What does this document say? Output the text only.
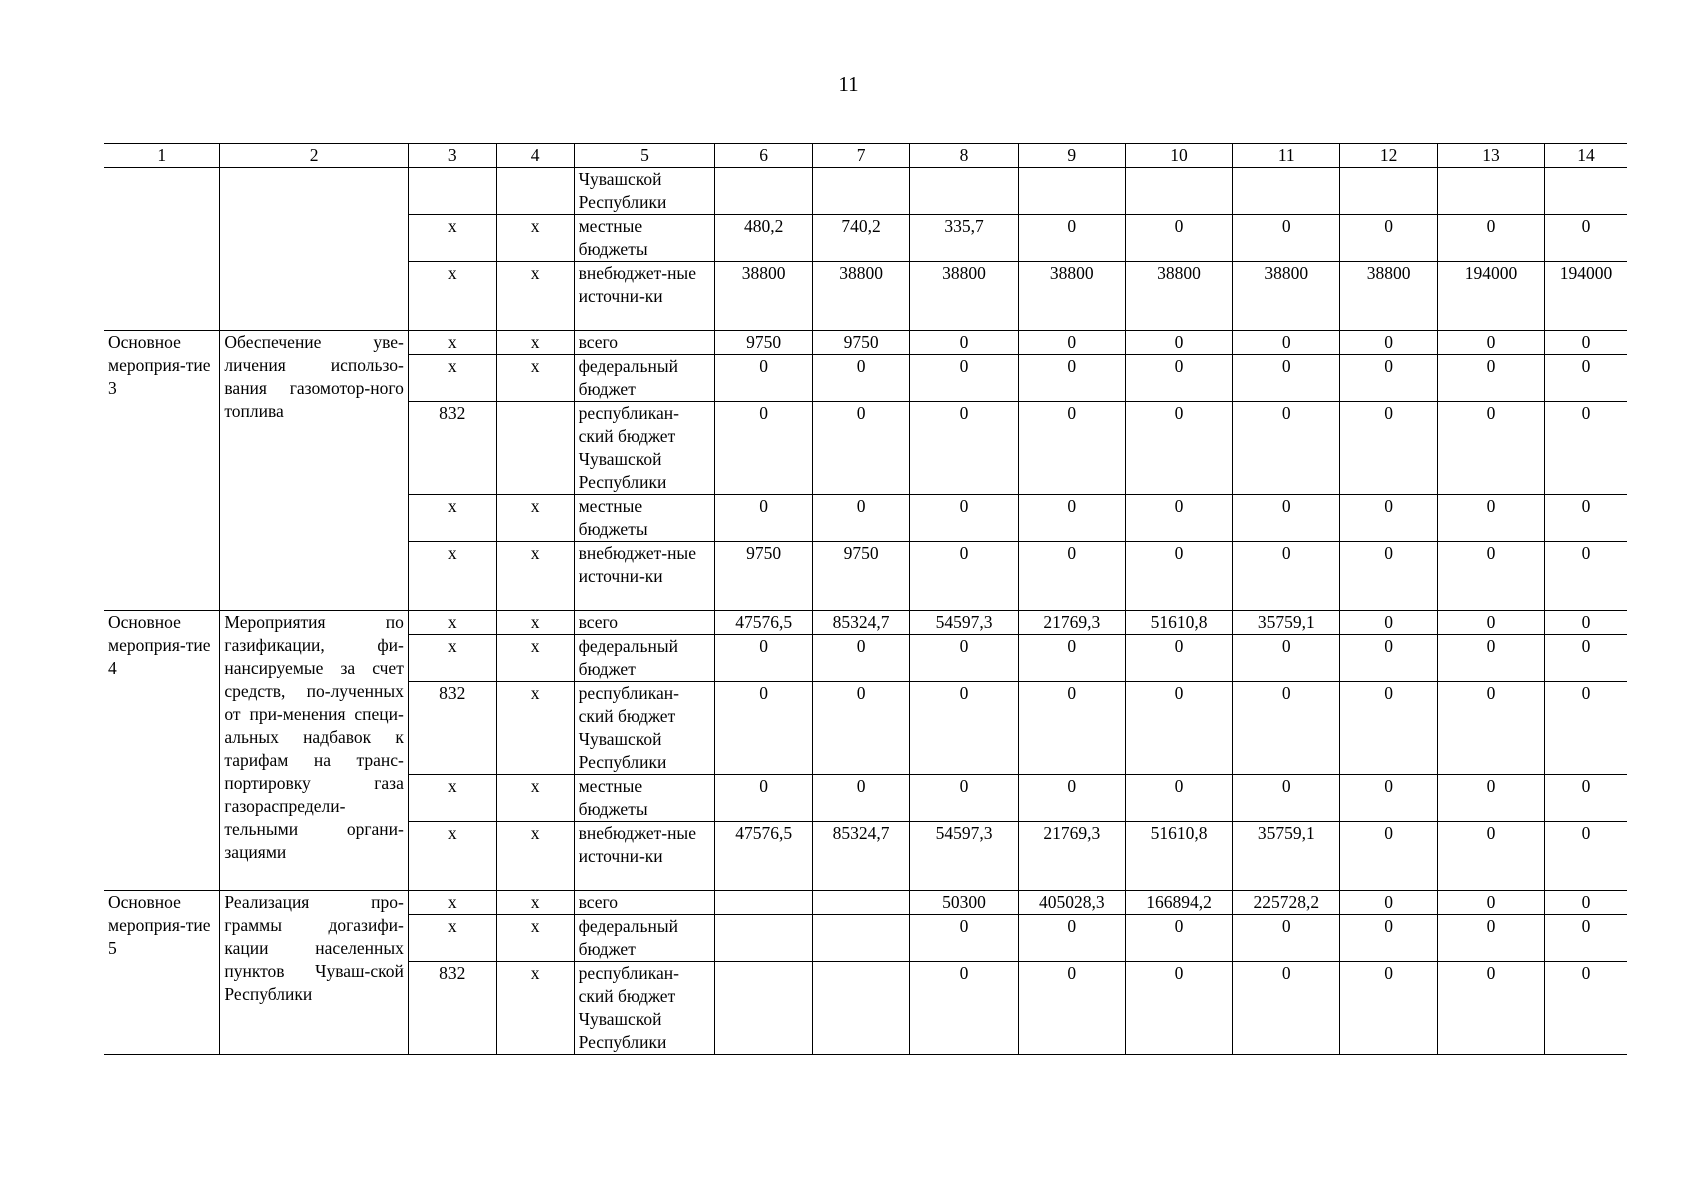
11
1	2	3	4	5	6	7	8	9	10	11	12	13	14
				Чувашской Республики									
		х	х	местные бюджеты	480,2	740,2	335,7	0	0	0	0	0	0
		х	х	внебюджет-ные источни-ки	38800	38800	38800	38800	38800	38800	38800	194000	194000
Основное мероприя-тие 3	Обеспечение уве-личения использо-вания газомотор-ного топлива	х	х	всего	9750	9750	0	0	0	0	0	0	0
		х	х	федеральный бюджет	0	0	0	0	0	0	0	0	0
		832		республикан-ский бюджет Чувашской Республики	0	0	0	0	0	0	0	0	0
		х	х	местные бюджеты	0	0	0	0	0	0	0	0	0
		х	х	внебюджет-ные источни-ки	9750	9750	0	0	0	0	0	0	0
Основное мероприя-тие 4	Мероприятия по газификации, фи-нансируемые за счет средств, по-лученных от при-менения специ-альных надбавок к тарифам на транс-портировку газа газораспредели-тельными органи-зациями	х	х	всего	47576,5	85324,7	54597,3	21769,3	51610,8	35759,1	0	0	0
		х	х	федеральный бюджет	0	0	0	0	0	0	0	0	0
		832	х	республикан-ский бюджет Чувашской Республики	0	0	0	0	0	0	0	0	0
		х	х	местные бюджеты	0	0	0	0	0	0	0	0	0
		х	х	внебюджет-ные источни-ки	47576,5	85324,7	54597,3	21769,3	51610,8	35759,1	0	0	0
Основное мероприя-тие 5	Реализация про-граммы догазифи-кации населенных пунктов Чуваш-ской Республики	х	х	всего			50300	405028,3	166894,2	225728,2	0	0	0
		х	х	федеральный бюджет			0	0	0	0	0	0	0
		832	х	республикан-ский бюджет Чувашской Республики			0	0	0	0	0	0	0
